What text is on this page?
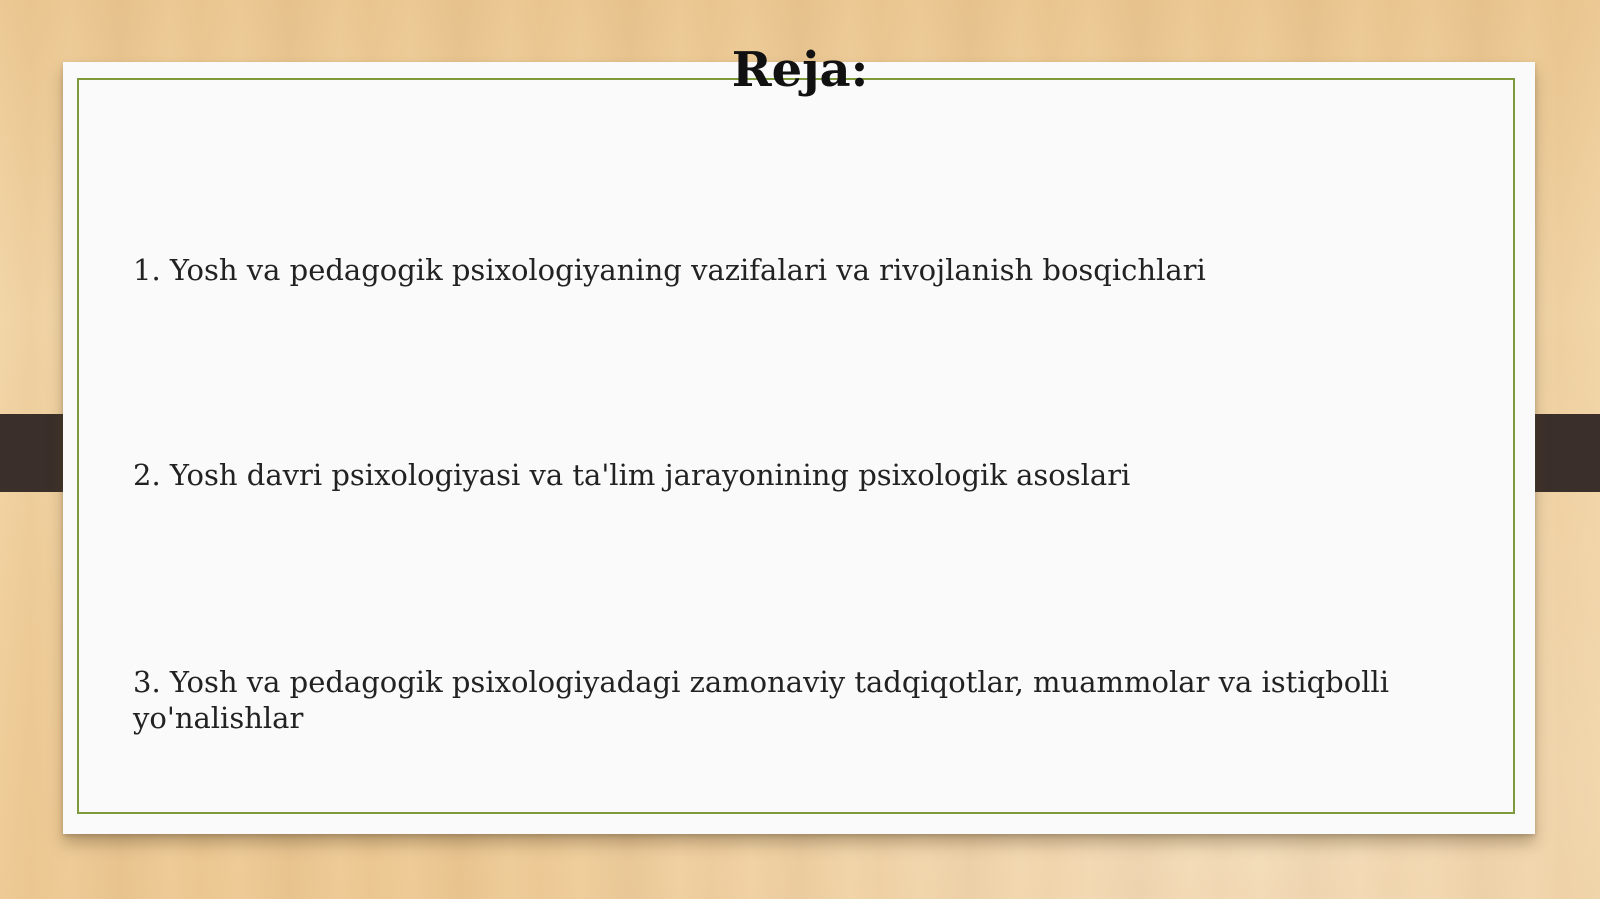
Reja:

1. Yosh va pedagogik psixologiyaning vazifalari va rivojlanish bosqichlari

2. Yosh davri psixologiyasi va ta'lim jarayonining psixologik asoslari

3. Yosh va pedagogik psixologiyadagi zamonaviy tadqiqotlar, muammolar va istiqbolli yo'nalishlar
